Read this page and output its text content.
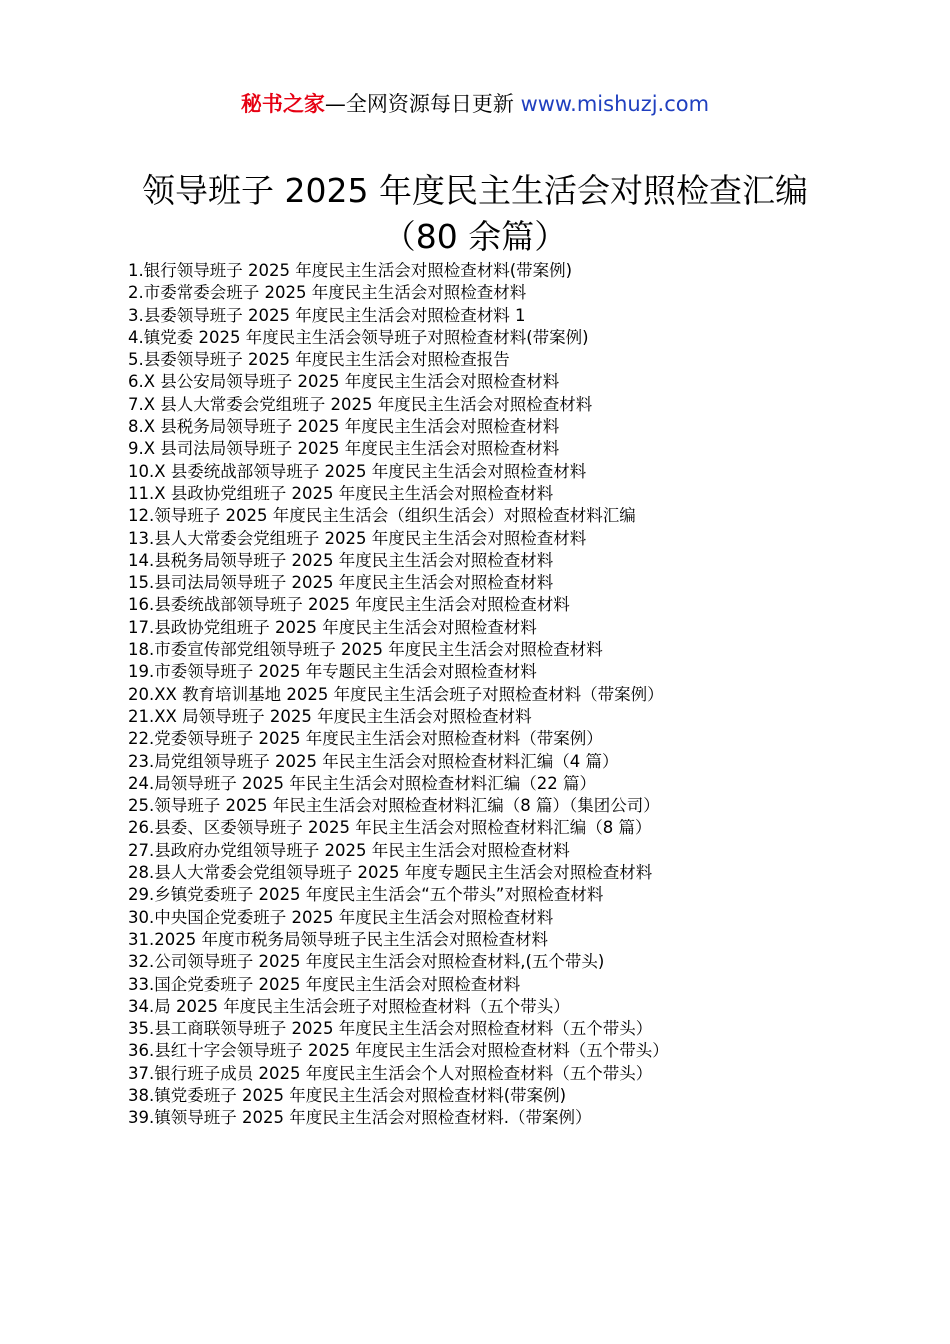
秘书之家—全网资源每日更新 www.mishuzj.com
领导班子 2025 年度民主生活会对照检查汇编
（80 余篇）
1.银行领导班子 2025 年度民主生活会对照检查材料(带案例)
2.市委常委会班子 2025 年度民主生活会对照检查材料
3.县委领导班子 2025 年度民主生活会对照检查材料 1
4.镇党委 2025 年度民主生活会领导班子对照检查材料(带案例)
5.县委领导班子 2025 年度民主生活会对照检查报告
6.X 县公安局领导班子 2025 年度民主生活会对照检查材料
7.X 县人大常委会党组班子 2025 年度民主生活会对照检查材料
8.X 县税务局领导班子 2025 年度民主生活会对照检查材料
9.X 县司法局领导班子 2025 年度民主生活会对照检查材料
10.X 县委统战部领导班子 2025 年度民主生活会对照检查材料
11.X 县政协党组班子 2025 年度民主生活会对照检查材料
12.领导班子 2025 年度民主生活会（组织生活会）对照检查材料汇编
13.县人大常委会党组班子 2025 年度民主生活会对照检查材料
14.县税务局领导班子 2025 年度民主生活会对照检查材料
15.县司法局领导班子 2025 年度民主生活会对照检查材料
16.县委统战部领导班子 2025 年度民主生活会对照检查材料
17.县政协党组班子 2025 年度民主生活会对照检查材料
18.市委宣传部党组领导班子 2025 年度民主生活会对照检查材料
19.市委领导班子 2025 年专题民主生活会对照检查材料
20.XX 教育培训基地 2025 年度民主生活会班子对照检查材料（带案例）
21.XX 局领导班子 2025 年度民主生活会对照检查材料
22.党委领导班子 2025 年度民主生活会对照检查材料（带案例）
23.局党组领导班子 2025 年民主生活会对照检查材料汇编（4 篇）
24.局领导班子 2025 年民主生活会对照检查材料汇编（22 篇）
25.领导班子 2025 年民主生活会对照检查材料汇编（8 篇）（集团公司）
26.县委、区委领导班子 2025 年民主生活会对照检查材料汇编（8 篇）
27.县政府办党组领导班子 2025 年民主生活会对照检查材料
28.县人大常委会党组领导班子 2025 年度专题民主生活会对照检查材料
29.乡镇党委班子 2025 年度民主生活会“五个带头”对照检查材料
30.中央国企党委班子 2025 年度民主生活会对照检查材料
31.2025 年度市税务局领导班子民主生活会对照检查材料
32.公司领导班子 2025 年度民主生活会对照检查材料,(五个带头)
33.国企党委班子 2025 年度民主生活会对照检查材料
34.局 2025 年度民主生活会班子对照检查材料（五个带头）
35.县工商联领导班子 2025 年度民主生活会对照检查材料（五个带头）
36.县红十字会领导班子 2025 年度民主生活会对照检查材料（五个带头）
37.银行班子成员 2025 年度民主生活会个人对照检查材料（五个带头）
38.镇党委班子 2025 年度民主生活会对照检查材料(带案例)
39.镇领导班子 2025 年度民主生活会对照检查材料.（带案例）
